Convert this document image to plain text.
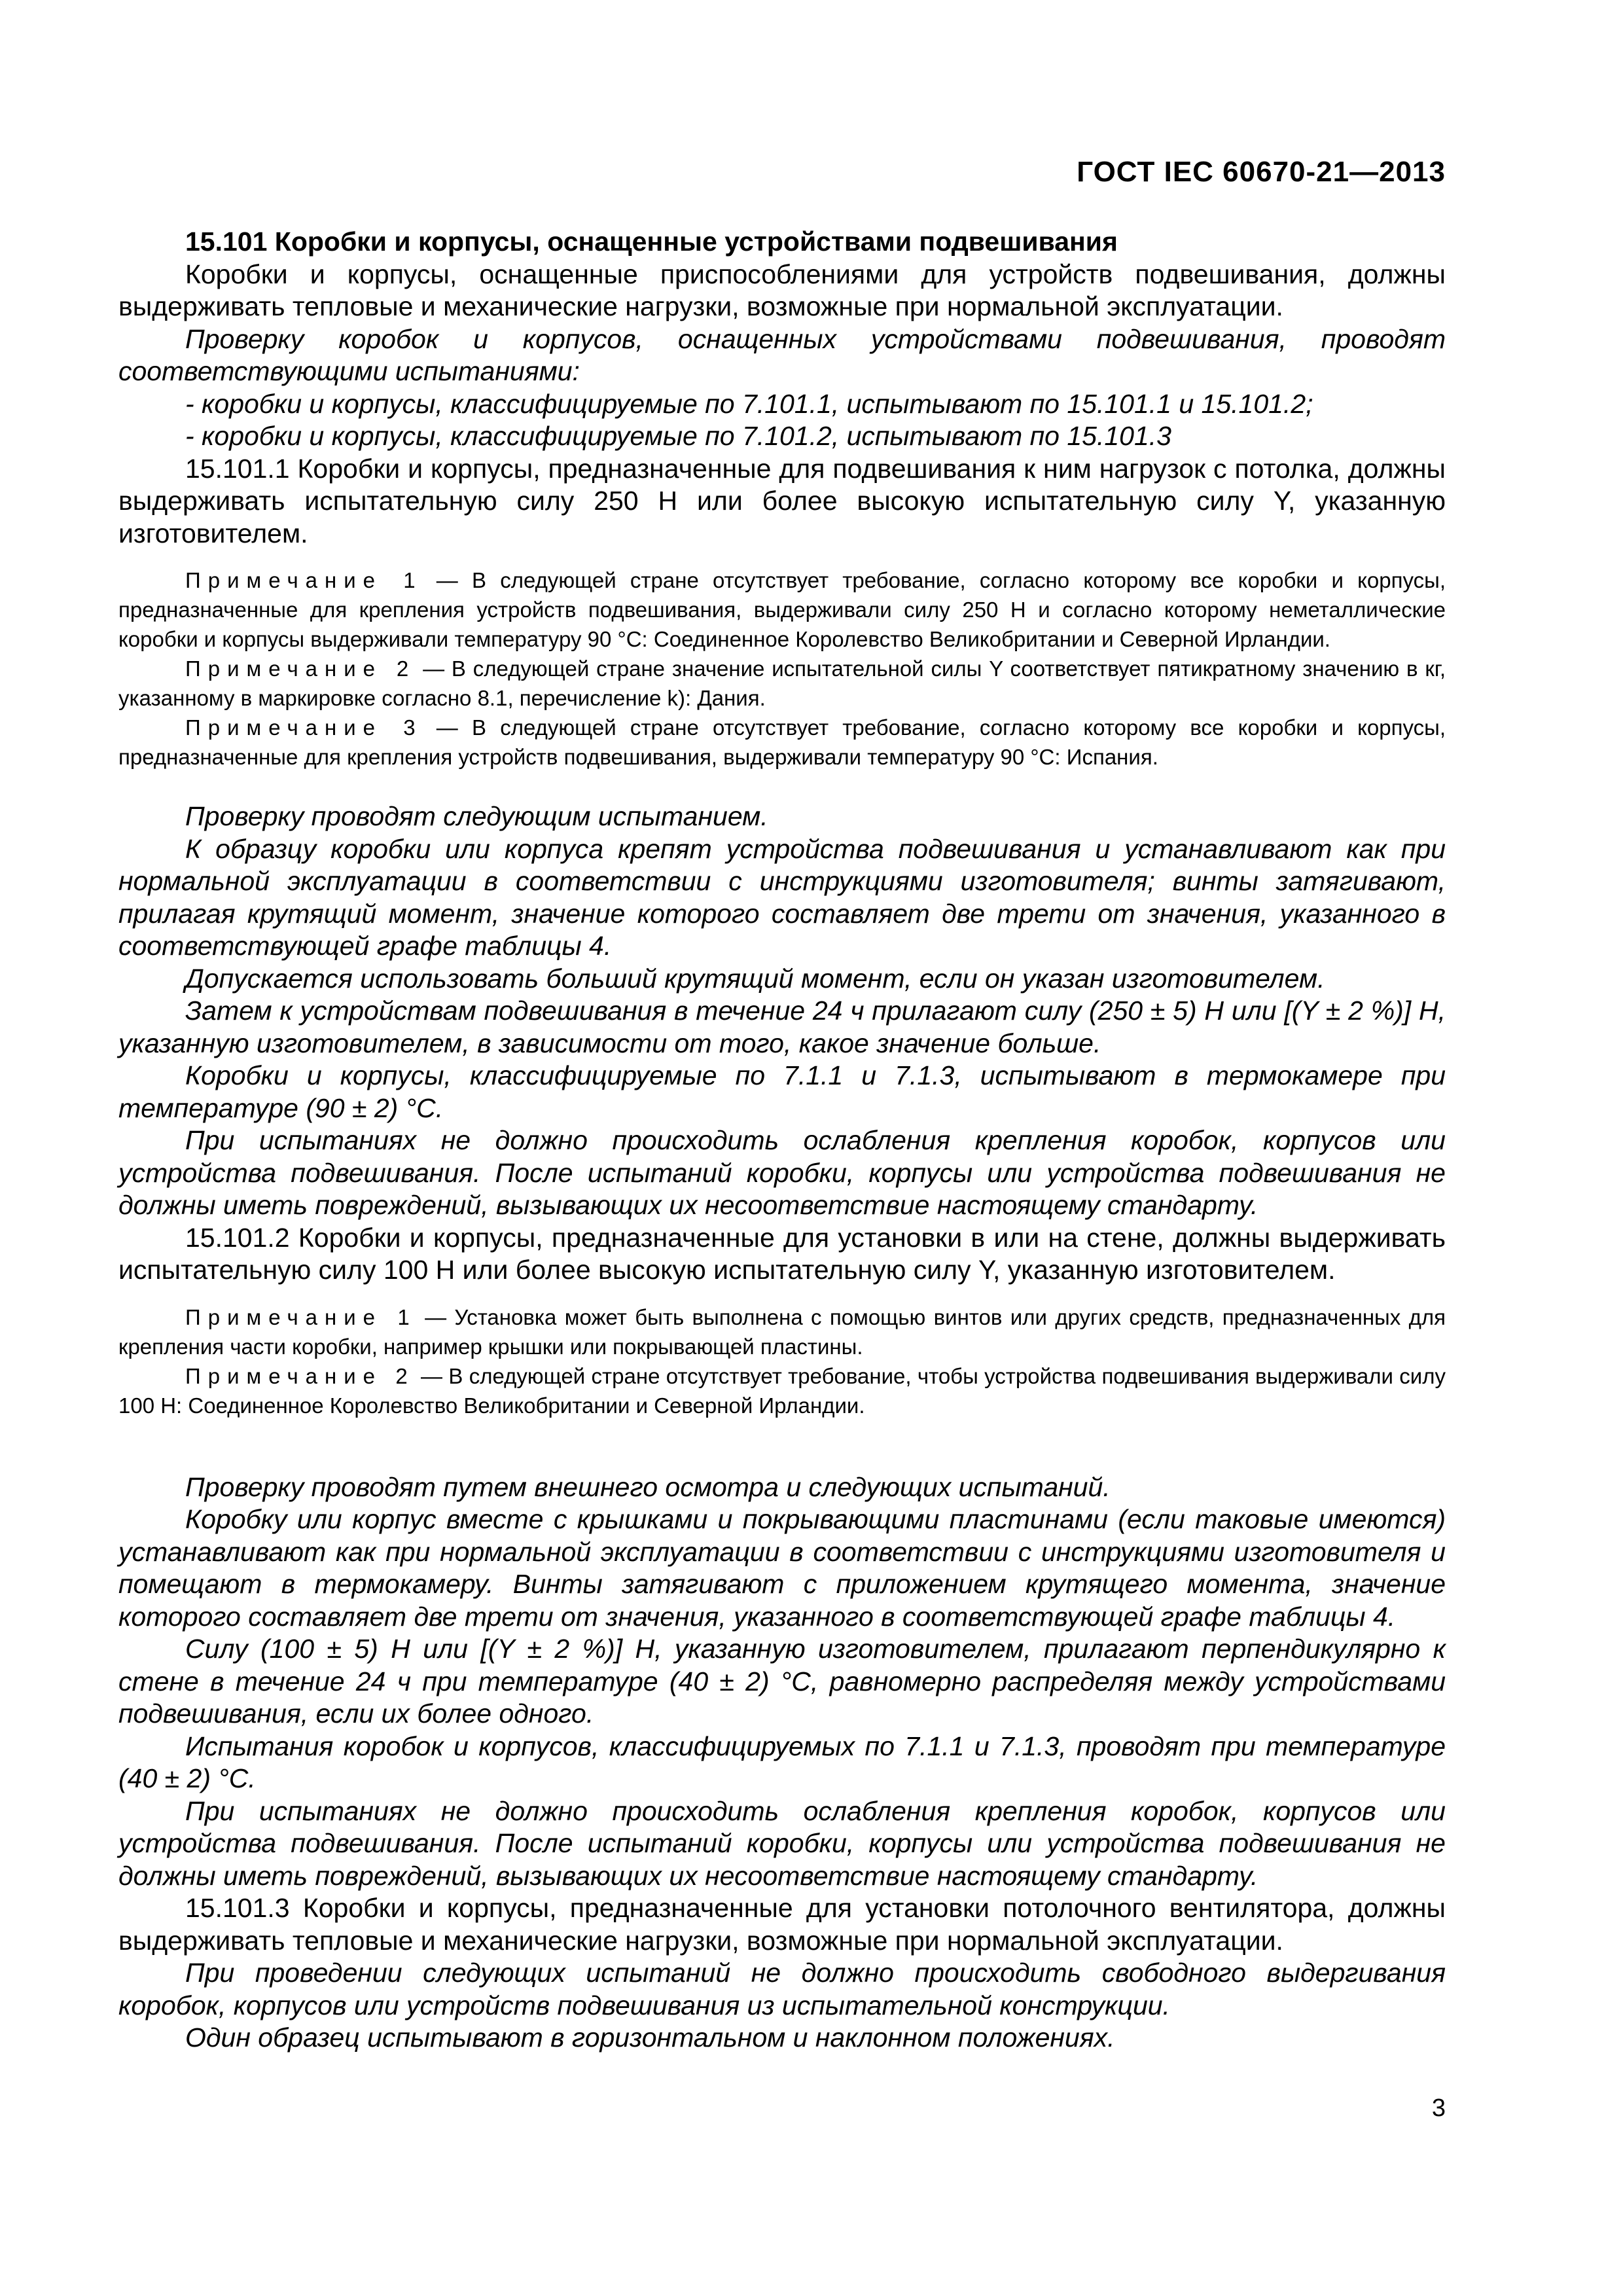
ГОСТ IEC 60670-21—2013

15.101 Коробки и корпусы, оснащенные устройствами подвешивания

Коробки и корпусы, оснащенные приспособлениями для устройств подвешивания, должны выдерживать тепловые и механические нагрузки, возможные при нормальной эксплуатации.

Проверку коробок и корпусов, оснащенных устройствами подвешивания, проводят соответствующими испытаниями:

- коробки и корпусы, классифицируемые по 7.101.1, испытывают по 15.101.1 и 15.101.2;

- коробки и корпусы, классифицируемые по 7.101.2, испытывают по 15.101.3

15.101.1 Коробки и корпусы, предназначенные для подвешивания к ним нагрузок с потолка, должны выдерживать испытательную силу 250 Н или более высокую испытательную силу Y, указанную изготовителем.

Примечание 1 — В следующей стране отсутствует требование, согласно которому все коробки и корпусы, предназначенные для крепления устройств подвешивания, выдерживали силу 250 Н и согласно которому неметаллические коробки и корпусы выдерживали температуру 90 °С: Соединенное Королевство Великобритании и Северной Ирландии.

Примечание 2 — В следующей стране значение испытательной силы Y соответствует пятикратному значению в кг, указанному в маркировке согласно 8.1, перечисление k): Дания.

Примечание 3 — В следующей стране отсутствует требование, согласно которому все коробки и корпусы, предназначенные для крепления устройств подвешивания, выдерживали температуру 90 °С: Испания.

Проверку проводят следующим испытанием.

К образцу коробки или корпуса крепят устройства подвешивания и устанавливают как при нормальной эксплуатации в соответствии с инструкциями изготовителя; винты затягивают, прилагая крутящий момент, значение которого составляет две трети от значения, указанного в соответствующей графе таблицы 4.

Допускается использовать больший крутящий момент, если он указан изготовителем.

Затем к устройствам подвешивания в течение 24 ч прилагают силу (250 ± 5) Н или [(Y ± 2 %)] Н, указанную изготовителем, в зависимости от того, какое значение больше.

Коробки и корпусы, классифицируемые по 7.1.1 и 7.1.3, испытывают в термокамере при температуре (90 ± 2) °С.

При испытаниях не должно происходить ослабления крепления коробок, корпусов или устройства подвешивания. После испытаний коробки, корпусы или устройства подвешивания не должны иметь повреждений, вызывающих их несоответствие настоящему стандарту.

15.101.2 Коробки и корпусы, предназначенные для установки в или на стене, должны выдерживать испытательную силу 100 Н или более высокую испытательную силу Y, указанную изготовителем.

Примечание 1 — Установка может быть выполнена с помощью винтов или других средств, предназначенных для крепления части коробки, например крышки или покрывающей пластины.

Примечание 2 — В следующей стране отсутствует требование, чтобы устройства подвешивания выдерживали силу 100 Н: Соединенное Королевство Великобритании и Северной Ирландии.

Проверку проводят путем внешнего осмотра и следующих испытаний.

Коробку или корпус вместе с крышками и покрывающими пластинами (если таковые имеются) устанавливают как при нормальной эксплуатации в соответствии с инструкциями изготовителя и помещают в термокамеру. Винты затягивают с приложением крутящего момента, значение которого составляет две трети от значения, указанного в соответствующей графе таблицы 4.

Силу (100 ± 5) Н или [(Y ± 2 %)] Н, указанную изготовителем, прилагают перпендикулярно к стене в течение 24 ч при температуре (40 ± 2) °С, равномерно распределяя между устройствами подвешивания, если их более одного.

Испытания коробок и корпусов, классифицируемых по 7.1.1 и 7.1.3, проводят при температуре (40 ± 2) °С.

При испытаниях не должно происходить ослабления крепления коробок, корпусов или устройства подвешивания. После испытаний коробки, корпусы или устройства подвешивания не должны иметь повреждений, вызывающих их несоответствие настоящему стандарту.

15.101.3 Коробки и корпусы, предназначенные для установки потолочного вентилятора, должны выдерживать тепловые и механические нагрузки, возможные при нормальной эксплуатации.

При проведении следующих испытаний не должно происходить свободного выдергивания коробок, корпусов или устройств подвешивания из испытательной конструкции.

Один образец испытывают в горизонтальном и наклонном положениях.

3
